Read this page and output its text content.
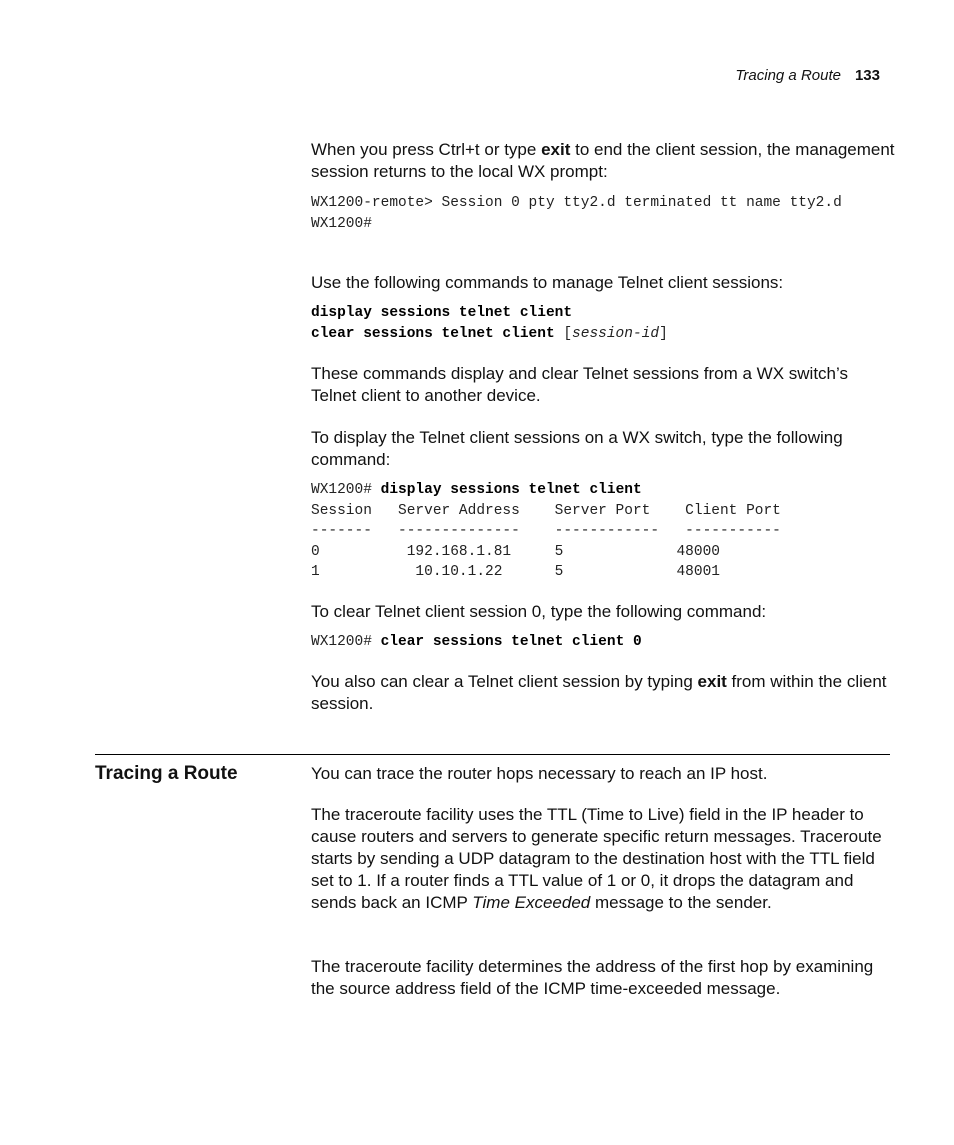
Tracing a Route 133

When you press Ctrl+t or type exit to end the client session, the management session returns to the local WX prompt:

WX1200-remote> Session 0 pty tty2.d terminated tt name tty2.d
WX1200#

Use the following commands to manage Telnet client sessions:

display sessions telnet client
clear sessions telnet client [session-id]

These commands display and clear Telnet sessions from a WX switch’s Telnet client to another device.

To display the Telnet client sessions on a WX switch, type the following command:

WX1200# display sessions telnet client
Session   Server Address    Server Port    Client Port
-------   --------------    ------------   -----------
0          192.168.1.81     5             48000
1           10.10.1.22      5             48001

To clear Telnet client session 0, type the following command:

WX1200# clear sessions telnet client 0

You also can clear a Telnet client session by typing exit from within the client session.

Tracing a Route	You can trace the router hops necessary to reach an IP host.

The traceroute facility uses the TTL (Time to Live) field in the IP header to cause routers and servers to generate specific return messages. Traceroute starts by sending a UDP datagram to the destination host with the TTL field set to 1. If a router finds a TTL value of 1 or 0, it drops the datagram and sends back an ICMP Time Exceeded message to the sender.

The traceroute facility determines the address of the first hop by examining the source address field of the ICMP time-exceeded message.
